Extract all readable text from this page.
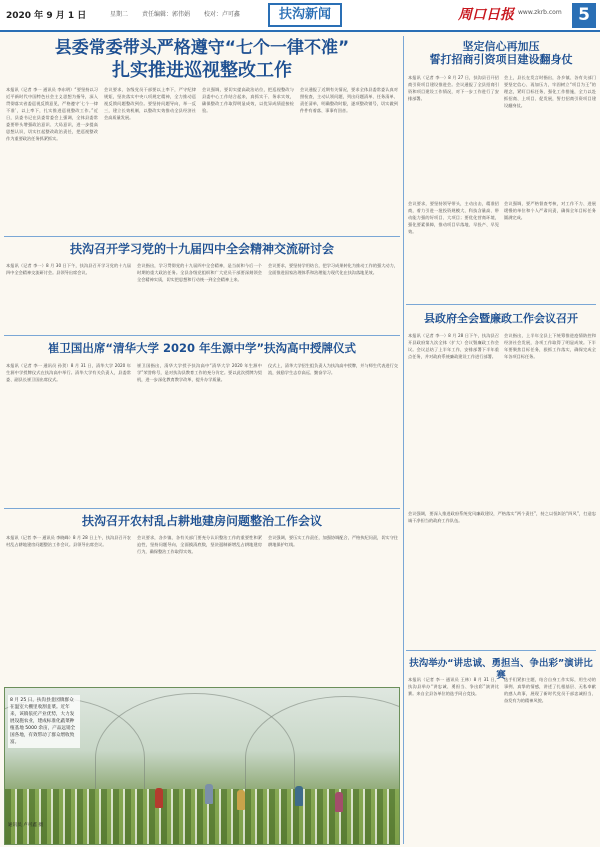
2020 年 9 月 1 日	星期二 责任编辑：郭伟娟 校对：卢可鑫	扶沟新闻	周口日报 www.zkrb.com 5
县委常委带头严格遵守“七个一律不准”
扎实推进巡视整改工作
本报讯（记者 李一 通讯员 李东明）“要坚持以习近平新时代中国特色社会主义思想为指导，深入贯彻落实省委巡视反馈意见，严格遵守‘七个一律不准’，以上率下，扎实推进巡视整改工作。”近日，县委书记在县委常委会上强调，全体县委常委要带头增强政治意识、大局意识，进一步提高思想认识，切实扛起整改政治责任，把巡视整改作为重要政治任务抓紧抓实。
会议要求，各级党员干部要以上率下，严守纪律规矩，坚决落实中央八项规定精神，全力推动巡视反馈问题整改到位。要坚持问题导向，举一反三，建立长效机制，以整改实效推动全县经济社会高质量发展。
会议强调，要切实提高政治站位，把巡视整改与县委中心工作结合起来，真抓实干、务求实效，确保整改工作取得明显成效，以优异成绩迎接检验。
会议通报了近期有关情况，要求全体县委常委认真对照检查，主动认领问题，列出问题清单、任务清单、责任清单，明确整改时限，逐项整改销号，切实做到件件有着落、事事有回音。
扶沟召开学习党的十九届四中全会精神交流研讨会
本报讯（记者 李一）8 月 30 日下午，扶沟县召开学习党的十九届四中全会精神交流研讨会。县领导出席会议。
会议指出，学习贯彻党的十九届四中全会精神，是当前和今后一个时期的重大政治任务。全县各级党组织和广大党员干部要深刻领会全会精神实质，切实把思想和行动统一到全会精神上来。
会议要求，要坚持学用结合，把学习成果转化为推动工作的强大动力，全面推进国家治理体系和治理能力现代化在扶沟落地见效。
崔卫国出席“清华大学 2020 年生源中学”扶沟高中授牌仪式
本报讯（记者 李一 通讯员 孙贺）8 月 31 日，清华大学 2020 年生源中学授牌仪式在扶沟高中举行。清华大学有关负责人，县委常委、副县长崔卫国出席仪式。
崔卫国指出，清华大学授予扶沟高中“清华大学 2020 年生源中学”荣誉称号，是对扶沟县教育工作的充分肯定。要以此次授牌为契机，进一步深化教育教学改革，提升办学质量。
仪式上，清华大学招生组负责人为扶沟高中授牌，并与师生代表进行交流，鼓励学生志存高远、勤奋学习。
扶沟召开农村乱占耕地建房问题整治工作会议
本报讯（记者 李一 通讯员 李晓峰）8 月 28 日上午，扶沟县召开农村乱占耕地建房问题整治工作会议。县领导出席会议。
会议要求，各乡镇、各有关部门要充分认识整治工作的重要性和紧迫性，坚持问题导向，全面摸清底数，坚决遏制新增乱占耕地建房行为，确保整治工作取得实效。
会议强调，要压实工作责任，加强协调配合，严格执纪问责，切实守住耕地保护红线。
8 月 25 日，扶沟县韭园镇群众在温室大棚里收割韭菜。近年来，该镇依托产业优势，大力发展设施农业，建成标准化蔬菜种植基地 5000 余亩，产品远销全国各地，有效带动了群众增收致富。
通讯员 卢可鑫 摄
坚定信心再加压
誓打招商引资项目建设翻身仗
本报讯（记者 李一）8 月 27 日，扶沟县召开招商引资项目建设推进会。会议通报了全县招商引资和项目建设工作情况，对下一步工作进行了安排部署。
会上，县长在发言时指出，各乡镇、各有关部门要坚定信心、再加压力，牢固树立“项目为王”的理念，紧盯目标任务，强化工作措施，全力以赴抓招商、上项目、促发展，誓打招商引资项目建设翻身仗。
会议要求，要坚持领导带头，主动出击，精准招商，着力引进一批投资规模大、科技含量高、带动能力强的好项目、大项目；要优化营商环境，强化要素保障，推动项目早落地、早投产、早见效。
会议强调，要严格督查考核，对工作不力、进展缓慢的单位和个人严肃问责，确保全年目标任务圆满完成。
县政府全会暨廉政工作会议召开
本报讯（记者 李一）8 月 28 日下午，扶沟县召开县政府第九次全体（扩大）会议暨廉政工作会议。会议总结了上半年工作，安排部署下半年重点任务，并对政府系统廉政建设工作进行部署。
会议指出，上半年全县上下统筹推进疫情防控和经济社会发展，各项工作取得了明显成效。下半年要聚焦目标任务，狠抓工作落实，确保完成全年各项目标任务。
会议强调，要深入推进政府系统党风廉政建设，严格落实“两个责任”，持之以恒纠治“四风”，打造忠诚干净担当的政府工作队伍。
扶沟举办“讲忠诚、勇担当、争出彩”演讲比赛
本报讯（记者 李一 通讯员 王林）8 月 31 日，扶沟县举办“讲忠诚、勇担当、争出彩”演讲比赛。来自全县各单位的选手同台竞技。
选手们紧扣主题，结合自身工作实际，用生动的事例、真挚的情感，讲述了扎根基层、无私奉献的感人故事，展现了新时代党员干部忠诚担当、奋发有为的精神风貌。
